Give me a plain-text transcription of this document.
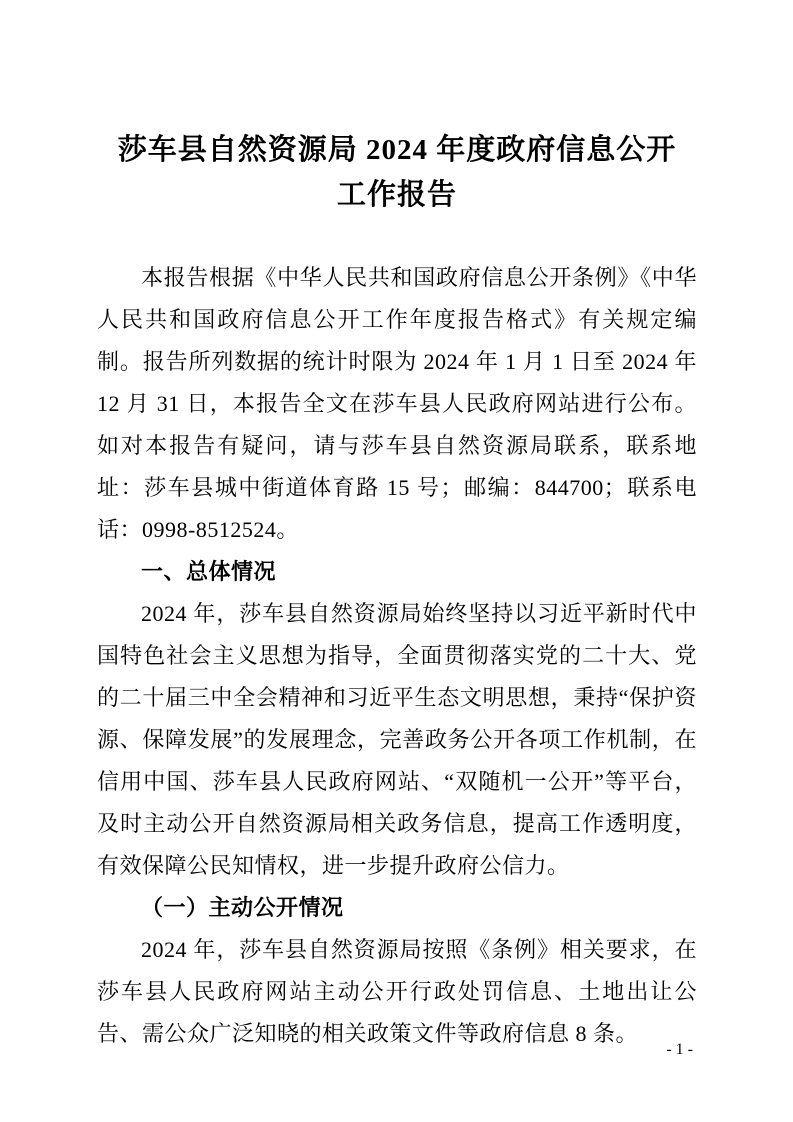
莎车县自然资源局 2024 年度政府信息公开
工作报告

本报告根据《中华人民共和国政府信息公开条例》《中华人民共和国政府信息公开工作年度报告格式》有关规定编制。报告所列数据的统计时限为 2024 年 1 月 1 日至 2024 年 12 月 31 日，本报告全文在莎车县人民政府网站进行公布。如对本报告有疑问，请与莎车县自然资源局联系，联系地址：莎车县城中街道体育路 15 号；邮编：844700；联系电话：0998-8512524。

一、总体情况

2024 年，莎车县自然资源局始终坚持以习近平新时代中国特色社会主义思想为指导，全面贯彻落实党的二十大、党的二十届三中全会精神和习近平生态文明思想，秉持“保护资源、保障发展”的发展理念，完善政务公开各项工作机制，在信用中国、莎车县人民政府网站、“双随机一公开”等平台，及时主动公开自然资源局相关政务信息，提高工作透明度，有效保障公民知情权，进一步提升政府公信力。

（一）主动公开情况

2024 年，莎车县自然资源局按照《条例》相关要求，在莎车县人民政府网站主动公开行政处罚信息、土地出让公告、需公众广泛知晓的相关政策文件等政府信息 8 条。

- 1 -
